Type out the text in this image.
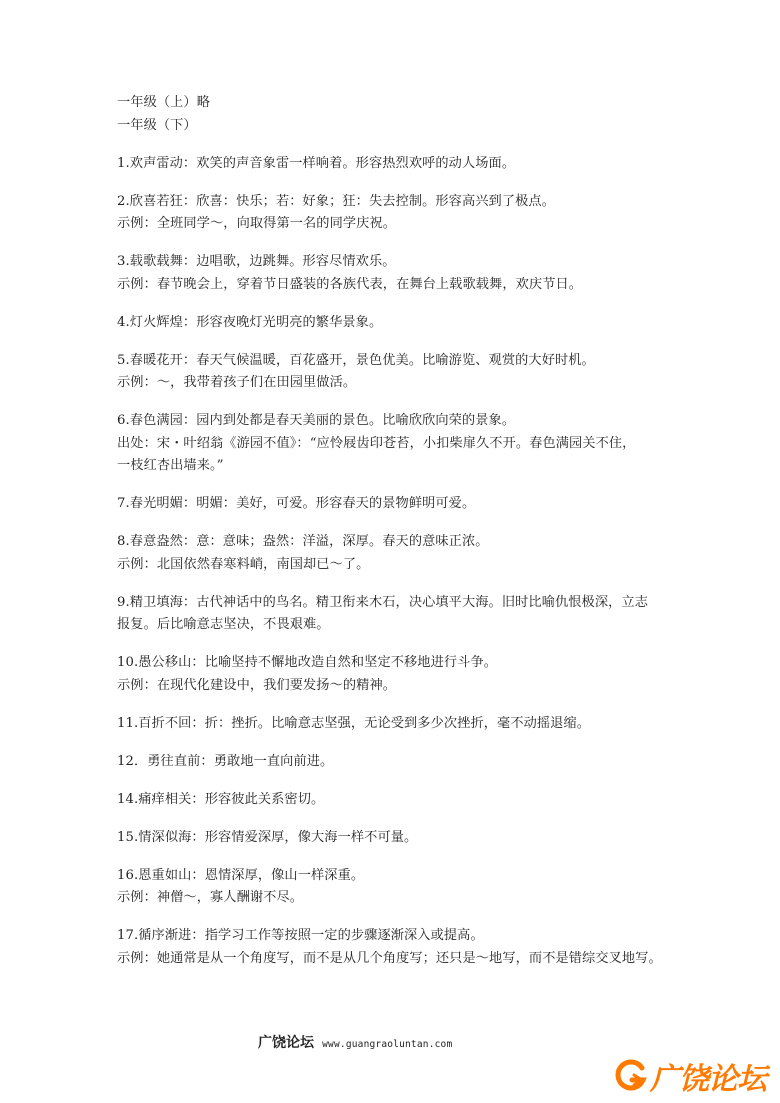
一年级（上）略
一年级（下）
1.欢声雷动：欢笑的声音象雷一样响着。形容热烈欢呼的动人场面。
2.欣喜若狂：欣喜：快乐；若：好象；狂：失去控制。形容高兴到了极点。
示例：全班同学～，向取得第一名的同学庆祝。
3.载歌载舞：边唱歌，边跳舞。形容尽情欢乐。
示例：春节晚会上，穿着节日盛装的各族代表，在舞台上载歌载舞，欢庆节日。
4.灯火辉煌：形容夜晚灯光明亮的繁华景象。
5.春暖花开：春天气候温暖，百花盛开，景色优美。比喻游览、观赏的大好时机。
示例：～，我带着孩子们在田园里做活。
6.春色满园：园内到处都是春天美丽的景色。比喻欣欣向荣的景象。
出处：宋・叶绍翁《游园不值》：“应怜屐齿印苍苔，小扣柴扉久不开。春色满园关不住，
一枝红杏出墙来。”
7.春光明媚：明媚：美好，可爱。形容春天的景物鲜明可爱。
8.春意盎然：意：意味；盎然：洋溢，深厚。春天的意味正浓。
示例：北国依然春寒料峭，南国却已～了。
9.精卫填海：古代神话中的鸟名。精卫衔来木石，决心填平大海。旧时比喻仇恨极深，立志
报复。后比喻意志坚决，不畏艰难。
10.愚公移山：比喻坚持不懈地改造自然和坚定不移地进行斗争。
示例：在现代化建设中，我们要发扬～的精神。
11.百折不回：折：挫折。比喻意志坚强，无论受到多少次挫折，毫不动摇退缩。
12．勇往直前：勇敢地一直向前进。
14.痛痒相关：形容彼此关系密切。
15.情深似海：形容情爱深厚，像大海一样不可量。
16.恩重如山：恩情深厚，像山一样深重。
示例：神僧～，寡人酬谢不尽。
17.循序渐进：指学习工作等按照一定的步骤逐渐深入或提高。
示例：她通常是从一个角度写，而不是从几个角度写；还只是～地写，而不是错综交叉地写。
广饶论坛 www.guangraoluntan.com
广饶论坛
